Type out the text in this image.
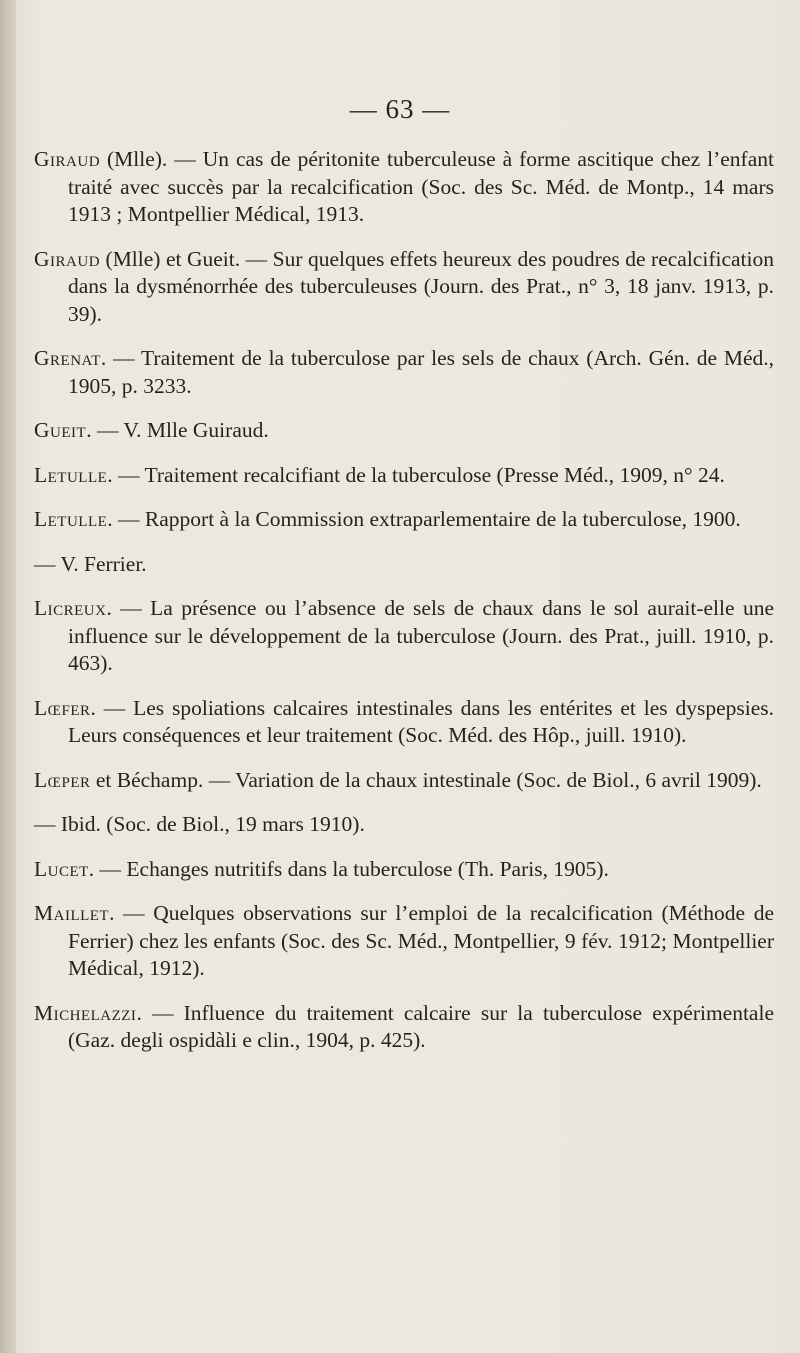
— 63 —

Giraud (Mlle). — Un cas de péritonite tuberculeuse à forme ascitique chez l’enfant traité avec succès par la recalcification (Soc. des Sc. Méd. de Montp., 14 mars 1913 ; Montpellier Médical, 1913.

Giraud (Mlle) et Gueit. — Sur quelques effets heureux des poudres de recalcification dans la dysménorrhée des tuberculeuses (Journ. des Prat., n° 3, 18 janv. 1913, p. 39).

Grenat. — Traitement de la tuberculose par les sels de chaux (Arch. Gén. de Méd., 1905, p. 3233.

Gueit. — V. Mlle Guiraud.

Letulle. — Traitement recalcifiant de la tuberculose (Presse Méd., 1909, n° 24.

Letulle. — Rapport à la Commission extraparlementaire de la tuberculose, 1900.

— V. Ferrier.

Licreux. — La présence ou l’absence de sels de chaux dans le sol aurait-elle une influence sur le développement de la tuberculose (Journ. des Prat., juill. 1910, p. 463).

Lœfer. — Les spoliations calcaires intestinales dans les entérites et les dyspepsies. Leurs conséquences et leur traitement (Soc. Méd. des Hôp., juill. 1910).

Lœper et Béchamp. — Variation de la chaux intestinale (Soc. de Biol., 6 avril 1909).

— Ibid. (Soc. de Biol., 19 mars 1910).

Lucet. — Echanges nutritifs dans la tuberculose (Th. Paris, 1905).

Maillet. — Quelques observations sur l’emploi de la recalcification (Méthode de Ferrier) chez les enfants (Soc. des Sc. Méd., Montpellier, 9 fév. 1912; Montpellier Médical, 1912).

Michelazzi. — Influence du traitement calcaire sur la tuberculose expérimentale (Gaz. degli ospidàli e clin., 1904, p. 425).
